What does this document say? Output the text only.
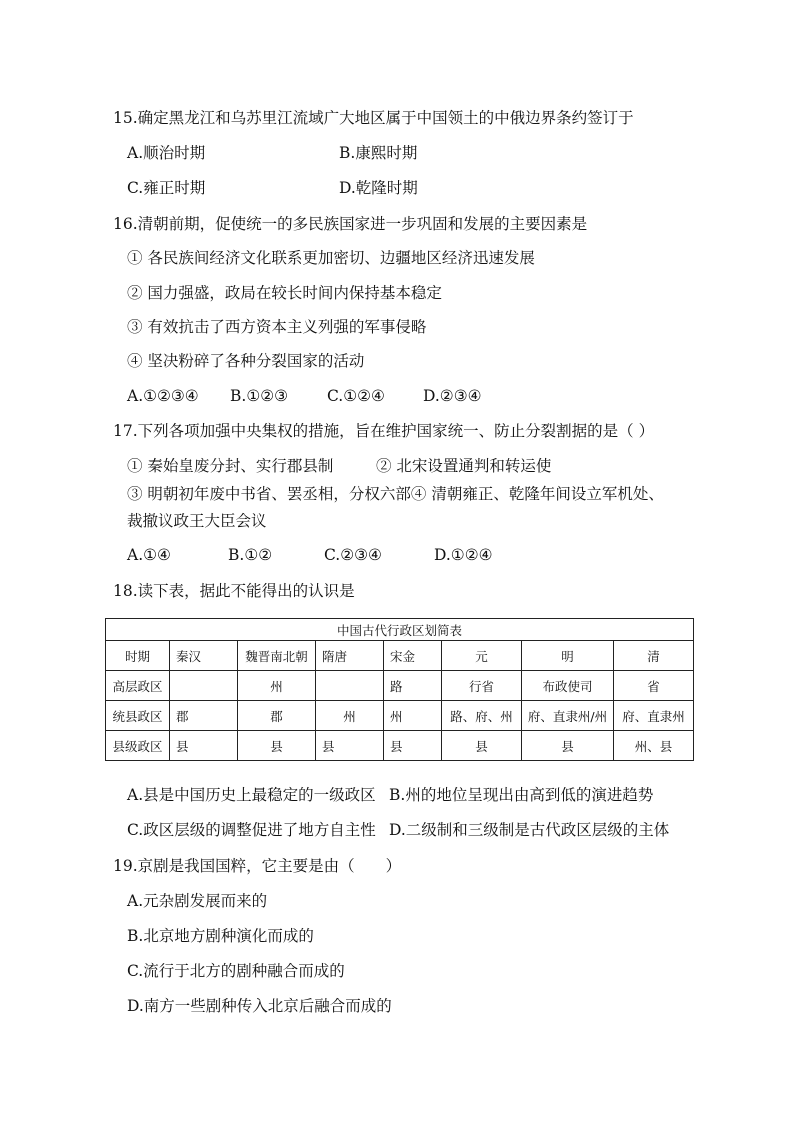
15.确定黑龙江和乌苏里江流域广大地区属于中国领土的中俄边界条约签订于
A.顺治时期	B.康熙时期
C.雍正时期	D.乾隆时期
16.清朝前期，促使统一的多民族国家进一步巩固和发展的主要因素是
① 各民族间经济文化联系更加密切、边疆地区经济迅速发展
② 国力强盛，政局在较长时间内保持基本稳定
③ 有效抗击了西方资本主义列强的军事侵略
④ 坚决粉碎了各种分裂国家的活动
A.①②③④ B.①②③	C.①②④ D.②③④
17.下列各项加强中央集权的措施，旨在维护国家统一、防止分裂割据的是（ ）
① 秦始皇废分封、实行郡县制	② 北宋设置通判和转运使
③ 明朝初年废中书省、罢丞相，分权六部④ 清朝雍正、乾隆年间设立军机处、
裁撤议政王大臣会议
A.①④	B.①②	C.②③④	D.①②④
18.读下表，据此不能得出的认识是
中国古代行政区划简表							
时期	秦汉	魏晋南北朝	隋唐	宋金	元	明	清
高层政区		州		路	行省	布政使司	省
统县政区	郡	郡	州	州	路、府、州	府、直隶州/州	府、直隶州
县级政区	县	县	县	县	县	县	州、县
A.县是中国历史上最稳定的一级政区 B.州的地位呈现出由高到低的演进趋势
C.政区层级的调整促进了地方自主性 D.二级制和三级制是古代政区层级的主体
19.京剧是我国国粹，它主要是由（　　）
A.元杂剧发展而来的
B.北京地方剧种演化而成的
C.流行于北方的剧种融合而成的
D.南方一些剧种传入北京后融合而成的
